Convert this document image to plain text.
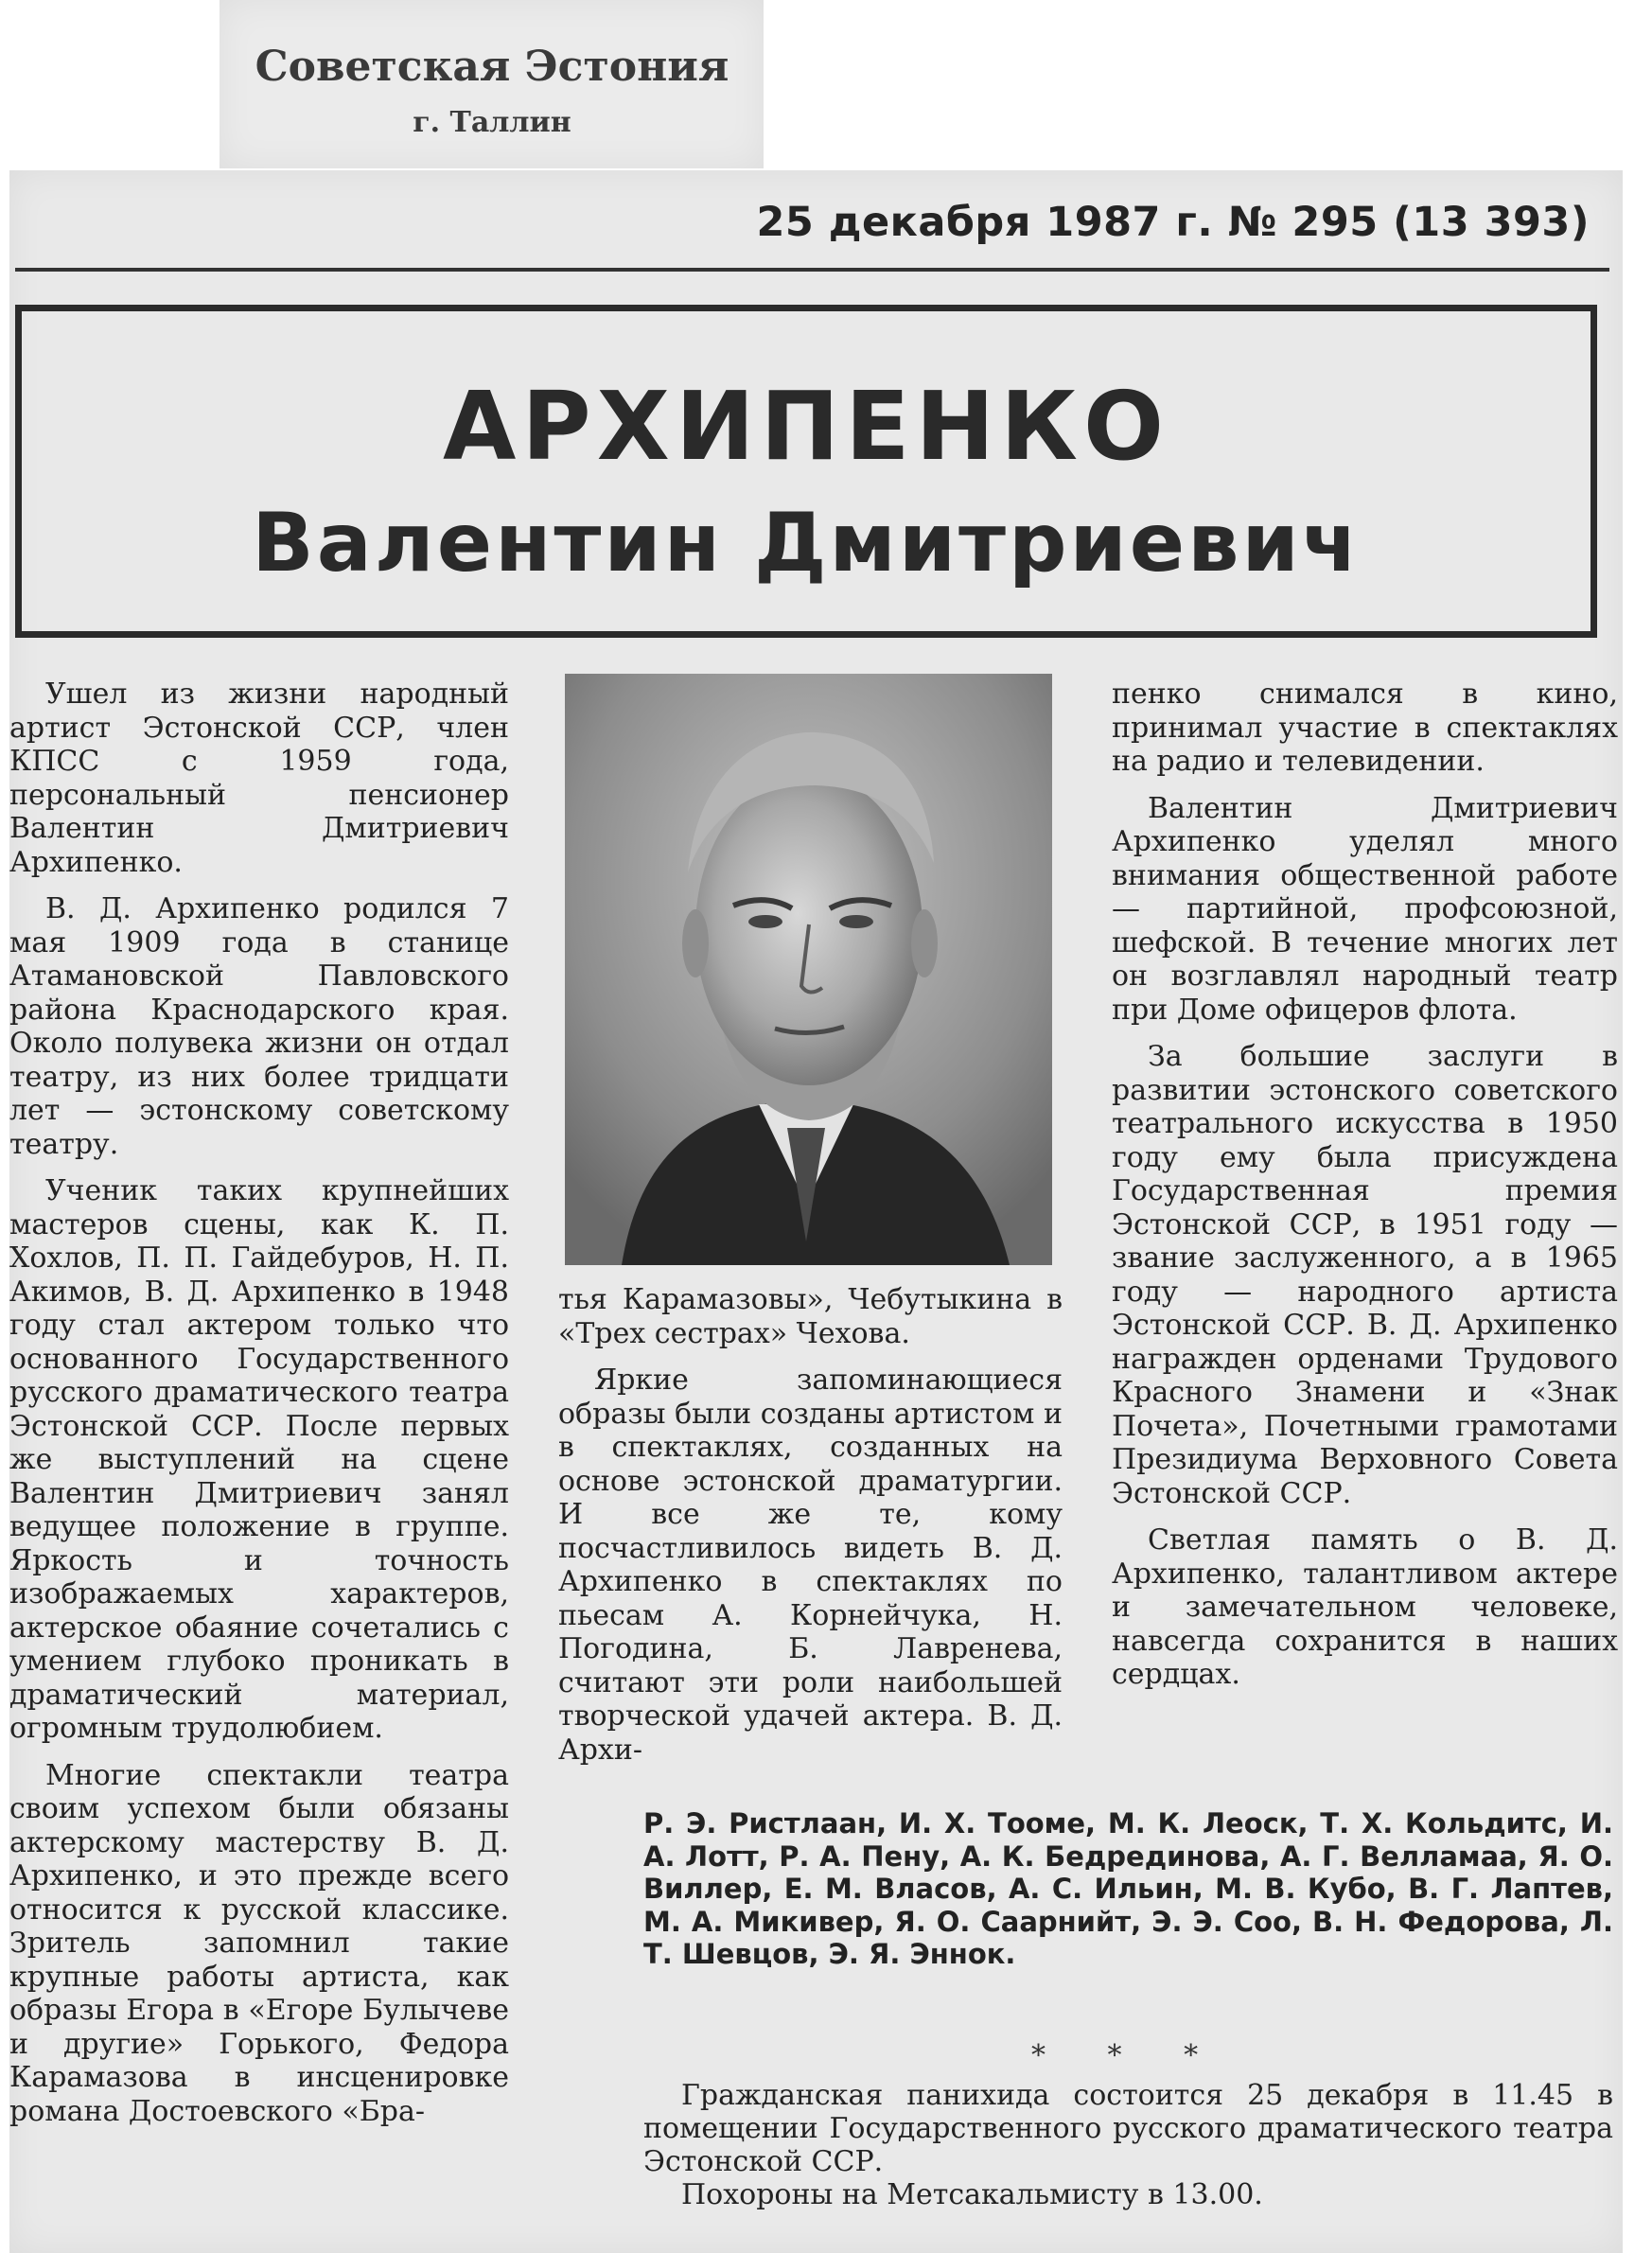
Советская Эстония
г. Таллин
25 декабря 1987 г. № 295 (13 393)
АРХИПЕНКО
Валентин Дмитриевич

Ушел из жизни народный артист Эстонской ССР, член КПСС с 1959 года, персональный пенсионер Валентин Дмитриевич Архипенко.

В. Д. Архипенко родился 7 мая 1909 года в станице Атамановской Павловского района Краснодарского края. Около полувека жизни он отдал театру, из них более тридцати лет — эстонскому советскому театру.

Ученик таких крупнейших мастеров сцены, как К. П. Хохлов, П. П. Гайдебуров, Н. П. Акимов, В. Д. Архипенко в 1948 году стал актером только что основанного Государственного русского драматического театра Эстонской ССР. После первых же выступлений на сцене Валентин Дмитриевич занял ведущее положение в группе. Яркость и точность изображаемых характеров, актерское обаяние сочетались с умением глубоко проникать в драматический материал, огромным трудолюбием.

Многие спектакли театра своим успехом были обязаны актерскому мастерству В. Д. Архипенко, и это прежде всего относится к русской классике. Зритель запомнил такие крупные работы артиста, как образы Егора в «Егоре Булычеве и другие» Горького, Федора Карамазова в инсценировке романа Достоевского «Бра-

тья Карамазовы», Чебутыкина в «Трех сестрах» Чехова.

Яркие запоминающиеся образы были созданы артистом и в спектаклях, созданных на основе эстонской драматургии. И все же те, кому посчастливилось видеть В. Д. Архипенко в спектаклях по пьесам А. Корнейчука, Н. Погодина, Б. Лавренева, считают эти роли наибольшей творческой удачей актера. В. Д. Архи-

пенко снимался в кино, принимал участие в спектаклях на радио и телевидении.

Валентин Дмитриевич Архипенко уделял много внимания общественной работе — партийной, профсоюзной, шефской. В течение многих лет он возглавлял народный театр при Доме офицеров флота.

За большие заслуги в развитии эстонского советского театрального искусства в 1950 году ему была присуждена Государственная премия Эстонской ССР, в 1951 году — звание заслуженного, а в 1965 году — народного артиста Эстонской ССР. В. Д. Архипенко награжден орденами Трудового Красного Знамени и «Знак Почета», Почетными грамотами Президиума Верховного Совета Эстонской ССР.

Светлая память о В. Д. Архипенко, талантливом актере и замечательном человеке, навсегда сохранится в наших сердцах.

Р. Э. Ристлаан, И. Х. Тооме, М. К. Леоск, Т. Х. Кольдитс, И. А. Лотт, Р. А. Пену, А. К. Бедрединова, А. Г. Велламаа, Я. О. Виллер, Е. М. Власов, А. С. Ильин, М. В. Кубо, В. Г. Лаптев, М. А. Микивер, Я. О. Саарнийт, Э. Э. Соо, В. Н. Федорова, Л. Т. Шевцов, Э. Я. Эннок.
* * *

Гражданская панихида состоится 25 декабря в 11.45 в помещении Государственного русского драматического театра Эстонской ССР.

Похороны на Метсакальмисту в 13.00.
